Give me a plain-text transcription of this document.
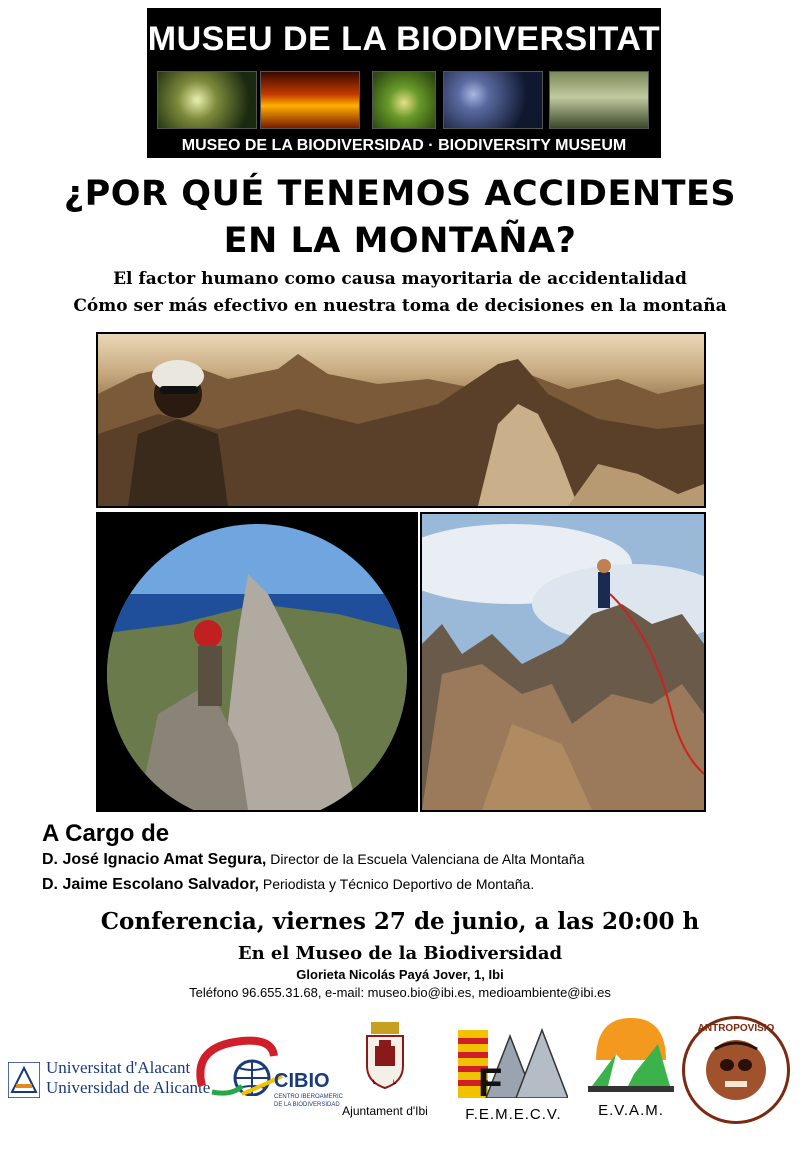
MUSEU DE LA BIODIVERSITAT
MUSEO DE LA BIODIVERSIDAD · BIODIVERSITY MUSEUM
¿POR QUÉ TENEMOS ACCIDENTES
EN LA MONTAÑA?
El factor humano como causa mayoritaria de accidentalidad
Cómo ser más efectivo en nuestra toma de decisiones en la montaña
A Cargo de
D. José Ignacio Amat Segura, Director de la Escuela Valenciana de Alta Montaña
D. Jaime Escolano Salvador, Periodista y Técnico Deportivo de Montaña.
Conferencia, viernes 27 de junio, a las 20:00 h
En el Museo de la Biodiversidad
Glorieta Nicolás Payá Jover, 1, Ibi
Teléfono 96.655.31.68, e-mail: museo.bio@ibi.es, medioambiente@ibi.es
Universitat d'Alacant
Universidad de Alicante	CIBIO
CENTRO IBEROAMERIC
DE LA BIODIVERSIDAD
L	L
Ajuntament d'Ibi
F
F.E.M.E.C.V.	E.V.A.M.
ANTROPOVISIO
